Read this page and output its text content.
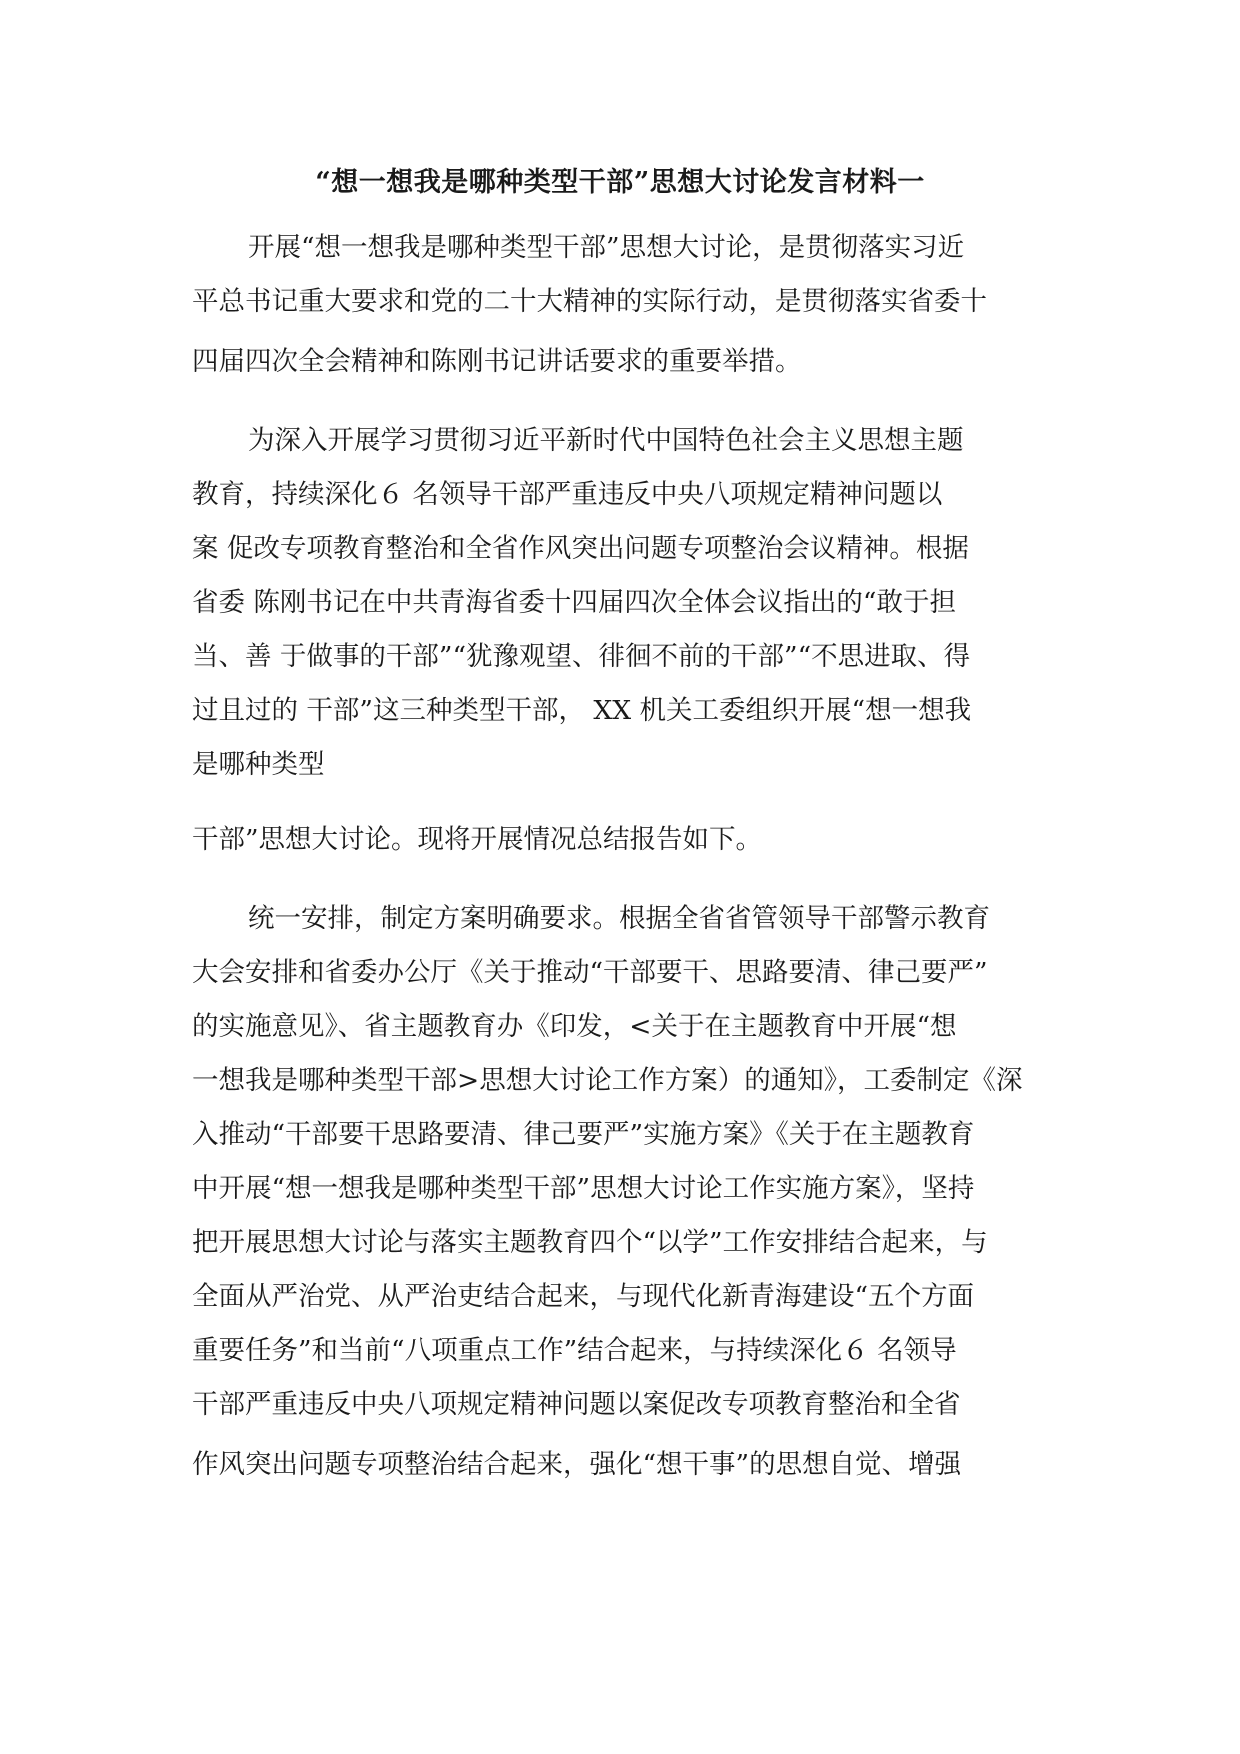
“想一想我是哪种类型干部”思想大讨论发言材料一
开展“想一想我是哪种类型干部”思想大讨论，是贯彻落实习近
平总书记重大要求和党的二十大精神的实际行动，是贯彻落实省委十
四届四次全会精神和陈刚书记讲话要求的重要举措。
为深入开展学习贯彻习近平新时代中国特色社会主义思想主题
教育，持续深化６ 名领导干部严重违反中央八项规定精神问题以
案 促改专项教育整治和全省作风突出问题专项整治会议精神。根据
省委 陈刚书记在中共青海省委十四届四次全体会议指出的“敢于担
当、善 于做事的干部”“犹豫观望、徘徊不前的干部”“不思进取、得
过且过的 干部”这三种类型干部， XX 机关工委组织开展“想一想我
是哪种类型
干部”思想大讨论。现将开展情况总结报告如下。
统一安排，制定方案明确要求。根据全省省管领导干部警示教育
大会安排和省委办公厅《关于推动“干部要干、思路要清、律己要严”
的实施意见》、省主题教育办《印发，<关于在主题教育中开展“想
一想我是哪种类型干部>思想大讨论工作方案）的通知》，工委制定《深
入推动“干部要干思路要清、律己要严”实施方案》《关于在主题教育
中开展“想一想我是哪种类型干部”思想大讨论工作实施方案》，坚持
把开展思想大讨论与落实主题教育四个“以学”工作安排结合起来，与
全面从严治党、从严治吏结合起来，与现代化新青海建设“五个方面
重要任务”和当前“八项重点工作”结合起来，与持续深化６ 名领导
干部严重违反中央八项规定精神问题以案促改专项教育整治和全省
作风突出问题专项整治结合起来，强化“想干事”的思想自觉、增强
